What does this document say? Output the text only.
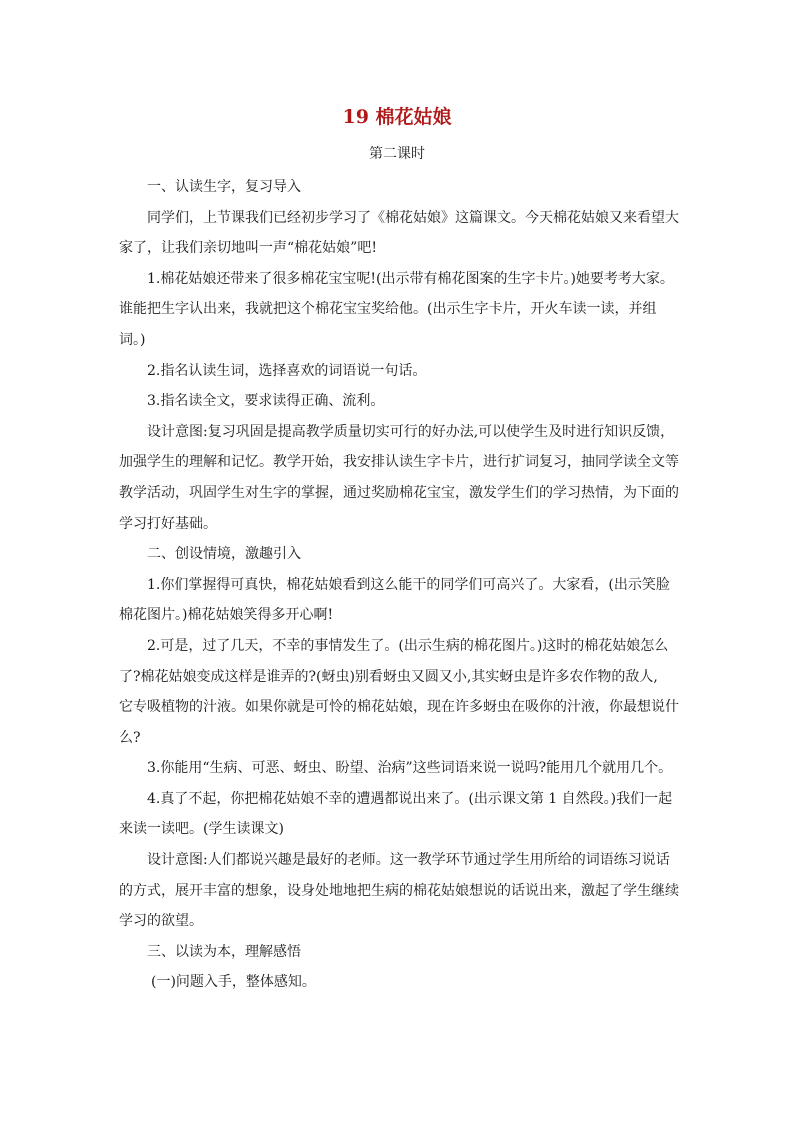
19 棉花姑娘
第二课时
一、认读生字，复习导入
同学们，上节课我们已经初步学习了《棉花姑娘》这篇课文。今天棉花姑娘又来看望大
家了，让我们亲切地叫一声“棉花姑娘”吧!
1.棉花姑娘还带来了很多棉花宝宝呢!(出示带有棉花图案的生字卡片。)她要考考大家。
谁能把生字认出来，我就把这个棉花宝宝奖给他。(出示生字卡片，开火车读一读，并组
词。)
2.指名认读生词，选择喜欢的词语说一句话。
3.指名读全文，要求读得正确、流利。
设计意图:复习巩固是提高教学质量切实可行的好办法,可以使学生及时进行知识反馈，
加强学生的理解和记忆。教学开始，我安排认读生字卡片，进行扩词复习，抽同学读全文等
教学活动，巩固学生对生字的掌握，通过奖励棉花宝宝，激发学生们的学习热情，为下面的
学习打好基础。
二、创设情境，激趣引入
1.你们掌握得可真快，棉花姑娘看到这么能干的同学们可高兴了。大家看，(出示笑脸
棉花图片。)棉花姑娘笑得多开心啊!
2.可是，过了几天，不幸的事情发生了。(出示生病的棉花图片。)这时的棉花姑娘怎么
了?棉花姑娘变成这样是谁弄的?(蚜虫)别看蚜虫又圆又小,其实蚜虫是许多农作物的敌人,
它专吸植物的汁液。如果你就是可怜的棉花姑娘，现在许多蚜虫在吸你的汁液，你最想说什
么?
3.你能用“生病、可恶、蚜虫、盼望、治病”这些词语来说一说吗?能用几个就用几个。
4.真了不起，你把棉花姑娘不幸的遭遇都说出来了。(出示课文第 1 自然段。)我们一起
来读一读吧。(学生读课文)
设计意图:人们都说兴趣是最好的老师。这一教学环节通过学生用所给的词语练习说话
的方式，展开丰富的想象，设身处地地把生病的棉花姑娘想说的话说出来，激起了学生继续
学习的欲望。
三、以读为本，理解感悟
(一)问题入手，整体感知。
